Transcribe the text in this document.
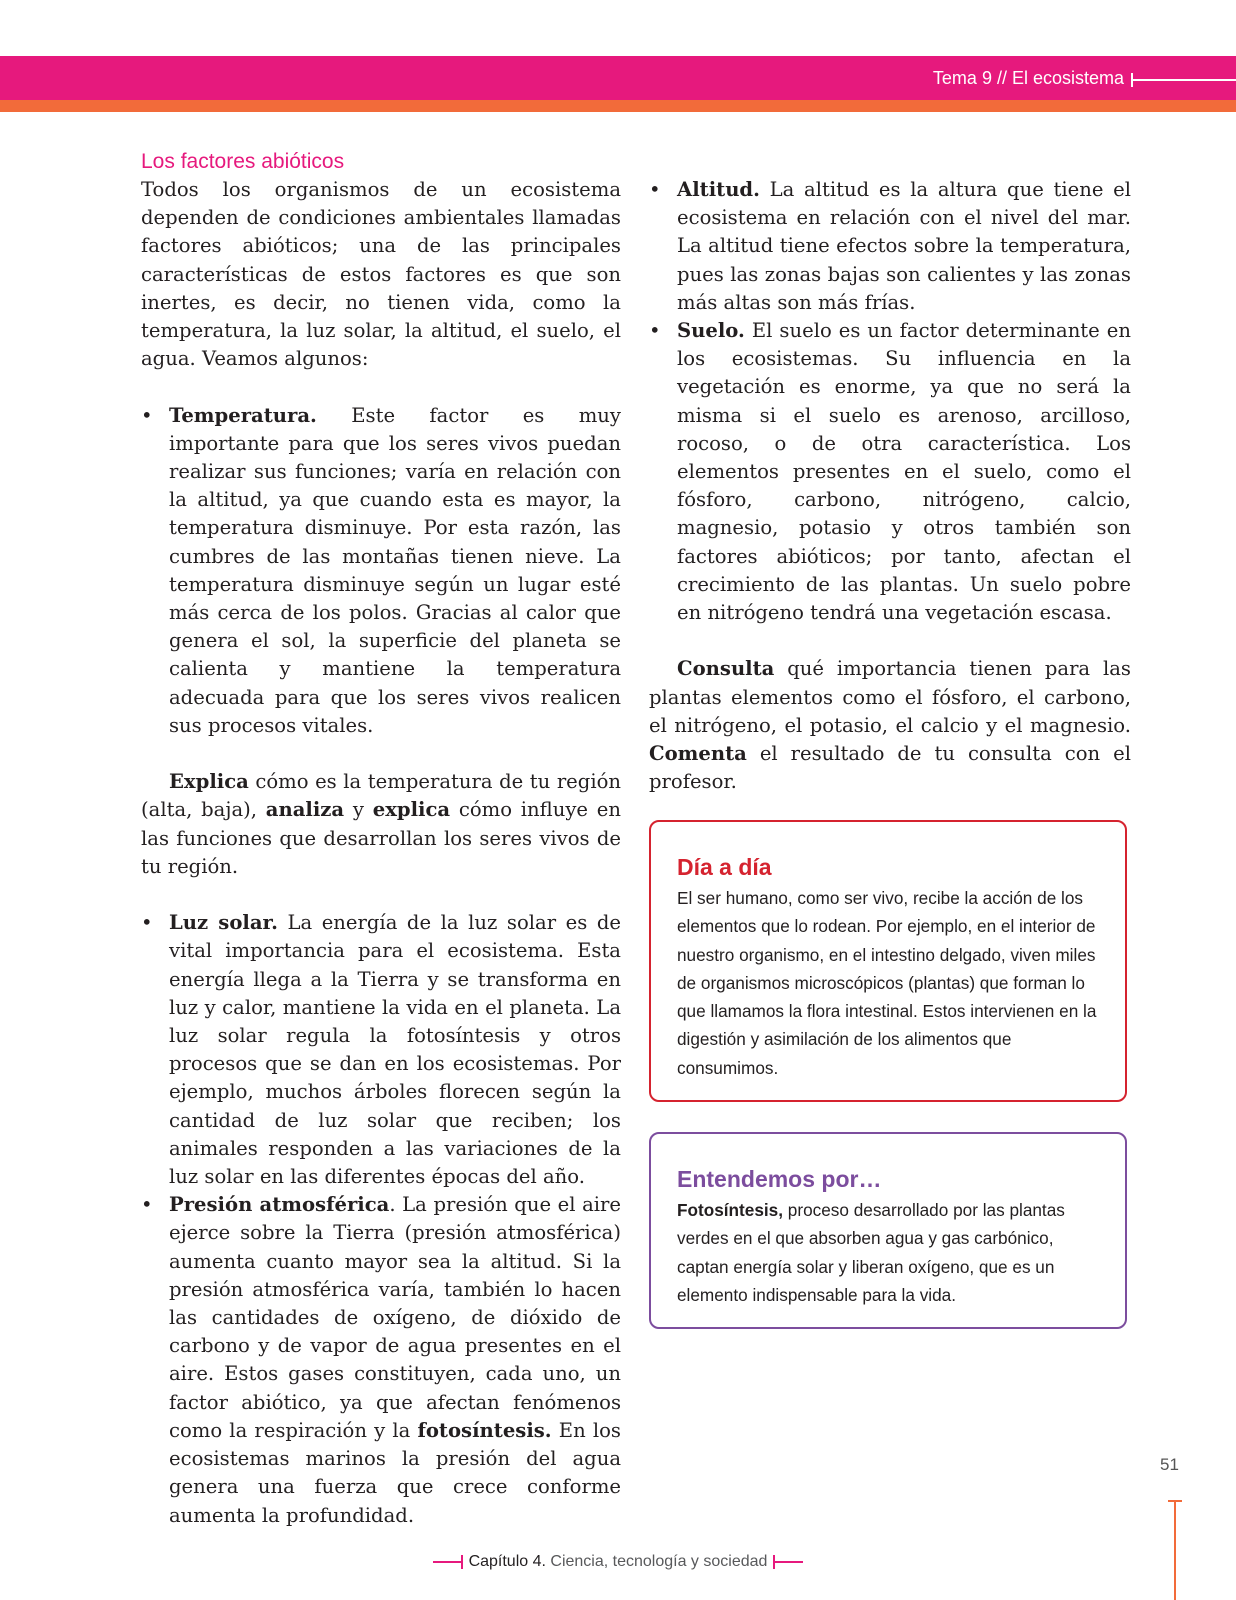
Tema 9 // El ecosistema
Los factores abióticos

Todos los organismos de un ecosistema dependen de condiciones ambientales llamadas factores abióticos; una de las principales características de estos factores es que son inertes, es decir, no tienen vida, como la temperatura, la luz solar, la altitud, el suelo, el agua. Veamos algunos:

• Temperatura. Este factor es muy importante para que los seres vivos puedan realizar sus funciones; varía en relación con la altitud, ya que cuando esta es mayor, la temperatura disminuye. Por esta razón, las cumbres de las montañas tienen nieve. La temperatura disminuye según un lugar esté más cerca de los polos. Gracias al calor que genera el sol, la superficie del planeta se calienta y mantiene la temperatura adecuada para que los seres vivos realicen sus procesos vitales.

Explica cómo es la temperatura de tu región (alta, baja), analiza y explica cómo influye en las funciones que desarrollan los seres vivos de tu región.

• Luz solar. La energía de la luz solar es de vital importancia para el ecosistema. Esta energía llega a la Tierra y se transforma en luz y calor, mantiene la vida en el planeta. La luz solar regula la fotosíntesis y otros procesos que se dan en los ecosistemas. Por ejemplo, muchos árboles florecen según la cantidad de luz solar que reciben; los animales responden a las variaciones de la luz solar en las diferentes épocas del año.
• Presión atmosférica. La presión que el aire ejerce sobre la Tierra (presión atmosférica) aumenta cuanto mayor sea la altitud. Si la presión atmosférica varía, también lo hacen las cantidades de oxígeno, de dióxido de carbono y de vapor de agua presentes en el aire. Estos gases constituyen, cada uno, un factor abiótico, ya que afectan fenómenos como la respiración y la fotosíntesis. En los ecosistemas marinos la presión del agua genera una fuerza que crece conforme aumenta la profundidad.
• Altitud. La altitud es la altura que tiene el ecosistema en relación con el nivel del mar. La altitud tiene efectos sobre la temperatura, pues las zonas bajas son calientes y las zonas más altas son más frías.
• Suelo. El suelo es un factor determinante en los ecosistemas. Su influencia en la vegetación es enorme, ya que no será la misma si el suelo es arenoso, arcilloso, rocoso, o de otra característica. Los elementos presentes en el suelo, como el fósforo, carbono, nitrógeno, calcio, magnesio, potasio y otros también son factores abióticos; por tanto, afectan el crecimiento de las plantas. Un suelo pobre en nitrógeno tendrá una vegetación escasa.

Consulta qué importancia tienen para las plantas elementos como el fósforo, el carbono, el nitrógeno, el potasio, el calcio y el magnesio. Comenta el resultado de tu consulta con el profesor.

Día a día

El ser humano, como ser vivo, recibe la acción de los elementos que lo rodean. Por ejemplo, en el interior de nuestro organismo, en el intestino delgado, viven miles de organismos microscópicos (plantas) que forman lo que llamamos la flora intestinal. Estos intervienen en la digestión y asimilación de los alimentos que consumimos.

Entendemos por…

Fotosíntesis, proceso desarrollado por las plantas verdes en el que absorben agua y gas carbónico, captan energía solar y liberan oxígeno, que es un elemento indispensable para la vida.

51
Capítulo 4. Ciencia, tecnología y sociedad
